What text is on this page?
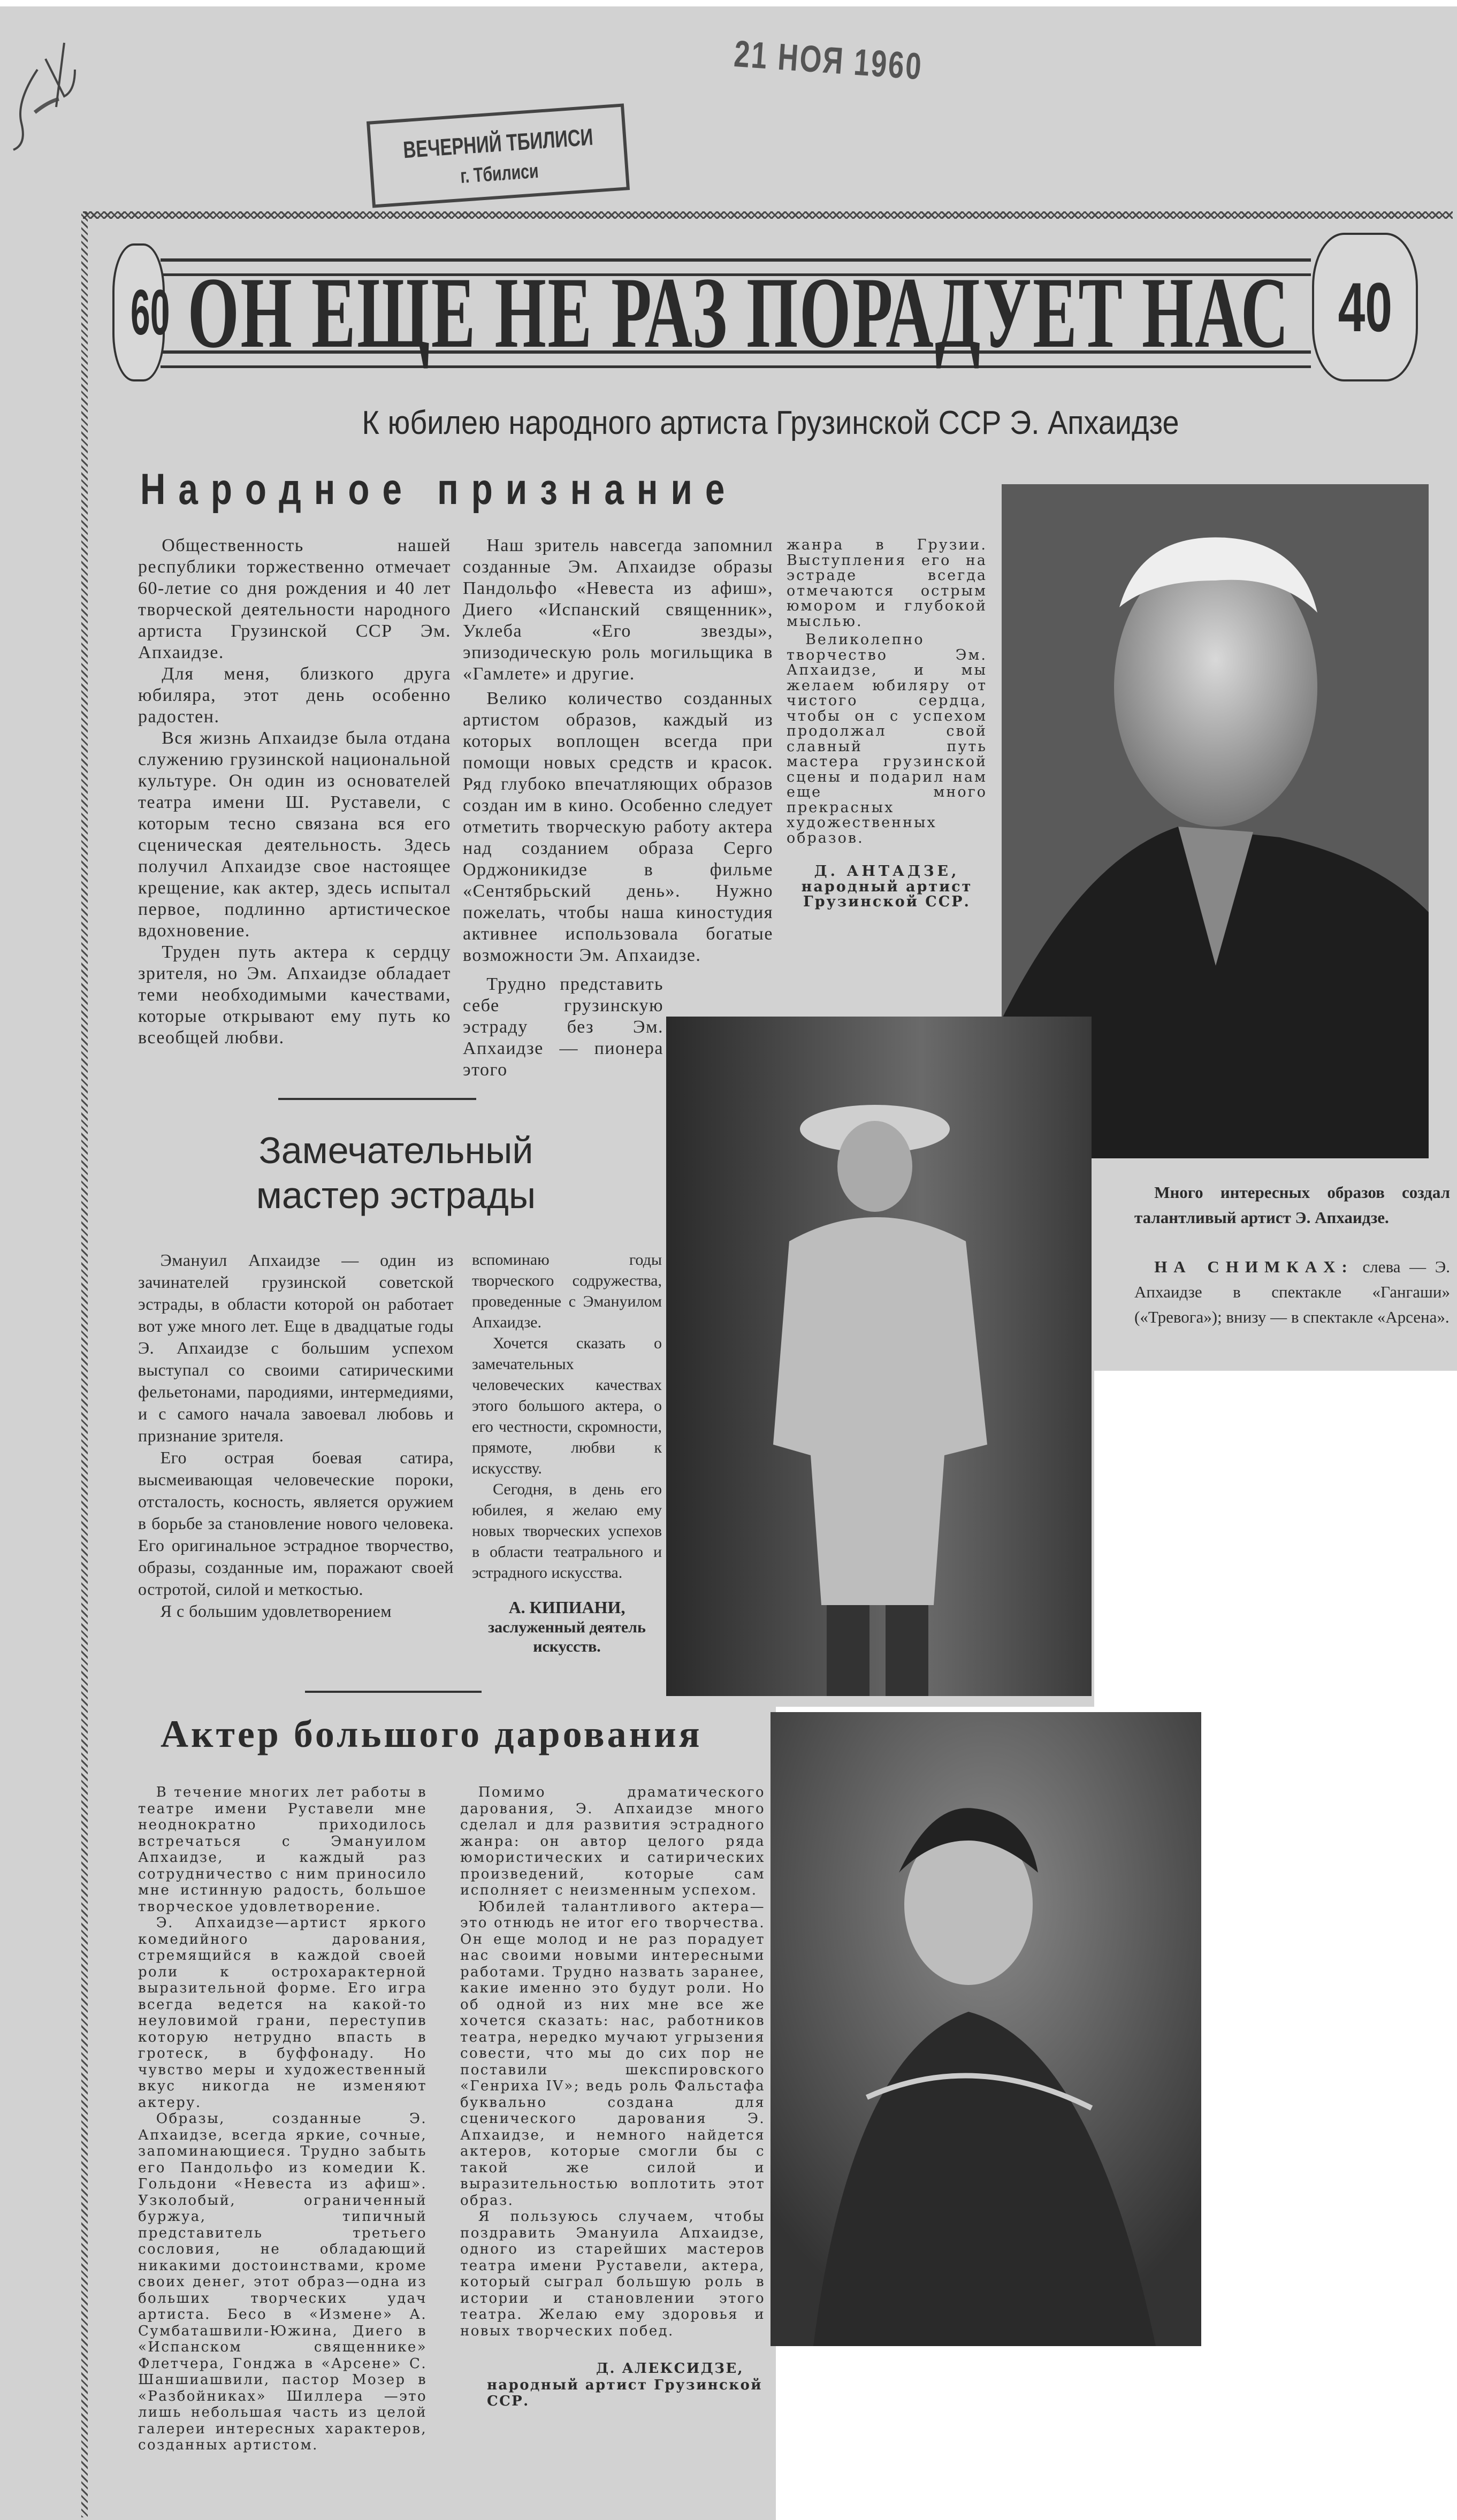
21 НОЯ 1960
ВЕЧЕРНИЙ ТБИЛИСИ
г. Тбилиси
60 ОН ЕЩЕ НЕ РАЗ ПОРАДУЕТ НАС 40
К юбилею народного артиста Грузинской ССР Э. Апхаидзе
Народное признание

Общественность нашей республики торжественно отмечает 60-летие со дня рождения и 40 лет творческой деятельности народного артиста Грузинской ССР Эм. Апхаидзе.

Для меня, близкого друга юбиляра, этот день особенно радостен.

Вся жизнь Апхаидзе была отдана служению грузинской национальной культуре. Он один из основателей театра имени Ш. Руставели, с которым тесно связана вся его сценическая деятельность. Здесь получил Апхаидзе свое настоящее крещение, как актер, здесь испытал первое, подлинно артистическое вдохновение.

Труден путь актера к сердцу зрителя, но Эм. Апхаидзе обладает теми необходимыми качествами, которые открывают ему путь ко всеобщей любви.

Наш зритель навсегда запомнил созданные Эм. Апхаидзе образы Пандольфо «Невеста из афиш», Диего «Испанский священник», Уклеба «Его звезды», эпизодическую роль могильщика в «Гамлете» и другие.

Велико количество созданных артистом образов, каждый из которых воплощен всегда при помощи новых средств и красок. Ряд глубоко впечатляющих образов создан им в кино. Особенно следует отметить творческую работу актера над созданием образа Серго Орджоникидзе в фильме «Сентябрьский день». Нужно пожелать, чтобы наша киностудия активнее использовала богатые возможности Эм. Апхаидзе.

Трудно представить себе грузинскую эстраду без Эм. Апхаидзе — пионера этого

жанра в Грузии. Выступления его на эстраде всегда отмечаются острым юмором и глубокой мыслью.

Великолепно творчество Эм. Апхаидзе, и мы желаем юбиляру от чистого сердца, чтобы он с успехом продолжал свой славный путь мастера грузинской сцены и подарил нам еще много прекрасных художественных образов.

Д. АНТАДЗЕ,
народный артист Грузинской ССР.
Много интересных образов создал талантливый артист Э. Апхаидзе.
НА СНИМКАХ: слева — Э. Апхаидзе в спектакле «Гангаши» («Тревога»); внизу — в спектакле «Арсена».
Замечательный мастер эстрады

Эмануил Апхаидзе — один из зачинателей грузинской советской эстрады, в области которой он работает вот уже много лет. Еще в двадцатые годы Э. Апхаидзе с большим успехом выступал со своими сатирическими фельетонами, пародиями, интермедиями, и с самого начала завоевал любовь и признание зрителя.

Его острая боевая сатира, высмеивающая человеческие пороки, отсталость, косность, является оружием в борьбе за становление нового человека. Его оригинальное эстрадное творчество, образы, созданные им, поражают своей остротой, силой и меткостью.

Я с большим удовлетворением

вспоминаю годы творческого содружества, проведенные с Эмануилом Апхаидзе.

Хочется сказать о замечательных человеческих качествах этого большого актера, о его честности, скромности, прямоте, любви к искусству.

Сегодня, в день его юбилея, я желаю ему новых творческих успехов в области театрального и эстрадного искусства.

А. КИПИАНИ,
заслуженный деятель искусств.
Актер большого дарования

В течение многих лет работы в театре имени Руставели мне неоднократно приходилось встречаться с Эмануилом Апхаидзе, и каждый раз сотрудничество с ним приносило мне истинную радость, большое творческое удовлетворение.

Э. Апхаидзе—артист яркого комедийного дарования, стремящийся в каждой своей роли к острохарактерной выразительной форме. Его игра всегда ведется на какой-то неуловимой грани, переступив которую нетрудно впасть в гротеск, в буффонаду. Но чувство меры и художественный вкус никогда не изменяют актеру.

Образы, созданные Э. Апхаидзе, всегда яркие, сочные, запоминающиеся. Трудно забыть его Пандольфо из комедии К. Гольдони «Невеста из афиш». Узколобый, ограниченный буржуа, типичный представитель третьего сословия, не обладающий никакими достоинствами, кроме своих денег, этот образ—одна из больших творческих удач артиста. Бесо в «Измене» А. Сумбаташвили-Южина, Диего в «Испанском священнике» Флетчера, Гонджа в «Арсене» С. Шаншиашвили, пастор Мозер в «Разбойниках» Шиллера —это лишь небольшая часть из целой галереи интересных характеров, созданных артистом.

Помимо драматического дарования, Э. Апхаидзе много сделал и для развития эстрадного жанра: он автор целого ряда юмористических и сатирических произведений, которые сам исполняет с неизменным успехом.

Юбилей талантливого актера—это отнюдь не итог его творчества. Он еще молод и не раз порадует нас своими новыми интересными работами. Трудно назвать заранее, какие именно это будут роли. Но об одной из них мне все же хочется сказать: нас, работников театра, нередко мучают угрызения совести, что мы до сих пор не поставили шекспировского «Генриха IV»; ведь роль Фальстафа буквально создана для сценического дарования Э. Апхаидзе, и немного найдется актеров, которые смогли бы с такой же силой и выразительностью воплотить этот образ.

Я пользуюсь случаем, чтобы поздравить Эмануила Апхаидзе, одного из старейших мастеров театра имени Руставели, актера, который сыграл большую роль в истории и становлении этого театра. Желаю ему здоровья и новых творческих побед.

Д. АЛЕКСИДЗЕ,
народный артист Грузинской ССР.
